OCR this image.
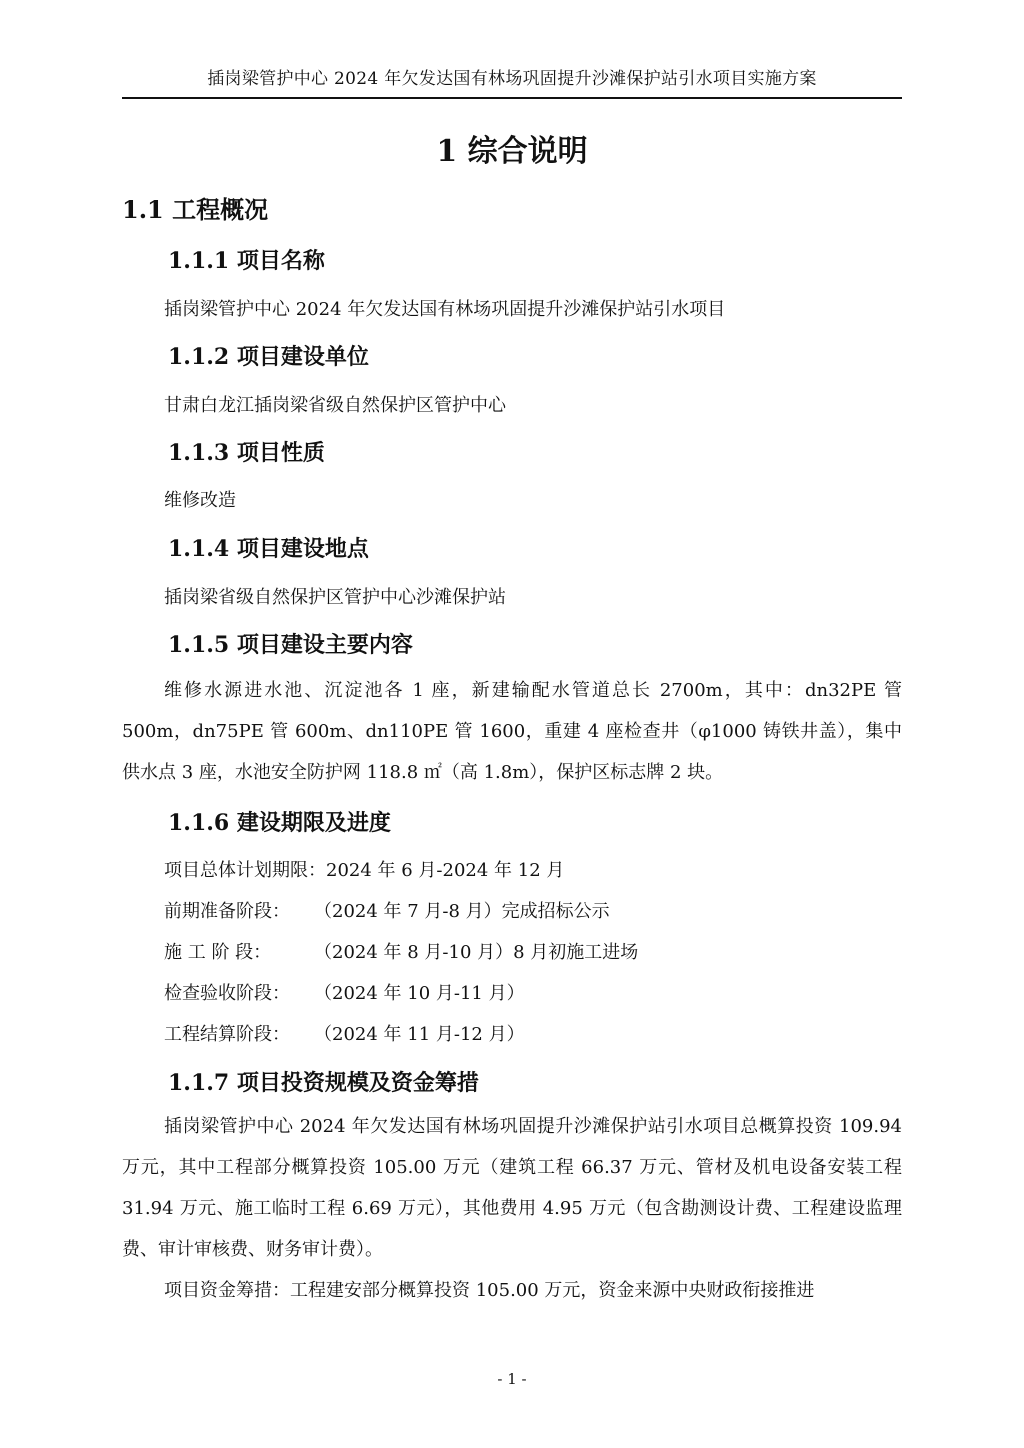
插岗梁管护中心 2024 年欠发达国有林场巩固提升沙滩保护站引水项目实施方案
1 综合说明
1.1 工程概况
1.1.1 项目名称
插岗梁管护中心 2024 年欠发达国有林场巩固提升沙滩保护站引水项目
1.1.2 项目建设单位
甘肃白龙江插岗梁省级自然保护区管护中心
1.1.3 项目性质
维修改造
1.1.4 项目建设地点
插岗梁省级自然保护区管护中心沙滩保护站
1.1.5 项目建设主要内容
维修水源进水池、沉淀池各 1 座，新建输配水管道总长 2700m，其中：dn32PE 管 500m，dn75PE 管 600m、dn110PE 管 1600，重建 4 座检查井（φ1000 铸铁井盖），集中供水点 3 座，水池安全防护网 118.8 ㎡（高 1.8m），保护区标志牌 2 块。
1.1.6 建设期限及进度
项目总体计划期限：2024 年 6 月-2024 年 12 月
前期准备阶段： （2024 年 7 月-8 月）完成招标公示
施 工 阶 段： （2024 年 8 月-10 月）8 月初施工进场
检查验收阶段： （2024 年 10 月-11 月）
工程结算阶段： （2024 年 11 月-12 月）
1.1.7 项目投资规模及资金筹措
插岗梁管护中心 2024 年欠发达国有林场巩固提升沙滩保护站引水项目总概算投资 109.94 万元，其中工程部分概算投资 105.00 万元（建筑工程 66.37 万元、管材及机电设备安装工程 31.94 万元、施工临时工程 6.69 万元），其他费用 4.95 万元（包含勘测设计费、工程建设监理费、审计审核费、财务审计费）。
项目资金筹措：工程建安部分概算投资 105.00 万元，资金来源中央财政衔接推进
- 1 -
